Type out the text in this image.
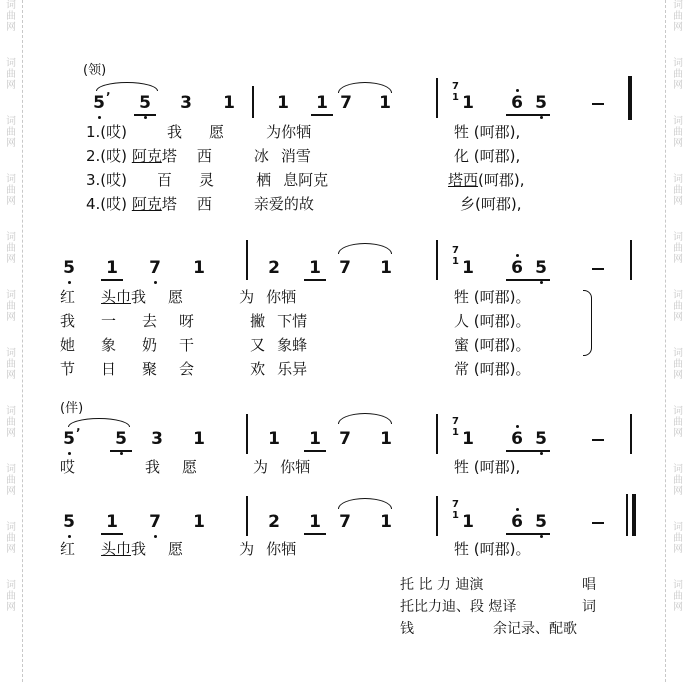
词曲网
词曲网
词曲网
词曲网
词曲网
词曲网
词曲网
词曲网
词曲网
词曲网
词曲网
词曲网
词曲网
词曲网
词曲网
词曲网
词曲网
词曲网
词曲网
词曲网
词曲网
词曲网
(领)
5 ʼ 5 3 1 1 1 7 1
7
1 1 6 5
1.(哎)	我 愿	为你牺	牲 (呵郡),
2.(哎) 阿克塔 西	冰 消雪	化 (呵郡),
3.(哎) 百 灵	栖 息阿克	塔西(呵郡),
4.(哎) 阿克塔 西	亲爱的故	乡(呵郡),
5 1 7 1	2 1 7 1
7
1 1 6 5
红 头巾我 愿	为 你牺	牲 (呵郡)。
我 一 去 呀	撇 下情	人 (呵郡)。
她 象 奶 干	又 象蜂	蜜 (呵郡)。
节 日 聚 会	欢 乐异	常 (呵郡)。
(伴)
5 ʼ 5 3 1	1 1 7 1
7
1 1 6 5
哎	我 愿	为 你牺	牲 (呵郡),
5 1 7 1	2 1 7 1
7
1 1 6 5
红 头巾我 愿	为 你牺	牲 (呵郡)。
托 比 力 迪演	唱
托比力迪、段 煜译	词
钱	余记录、配歌
